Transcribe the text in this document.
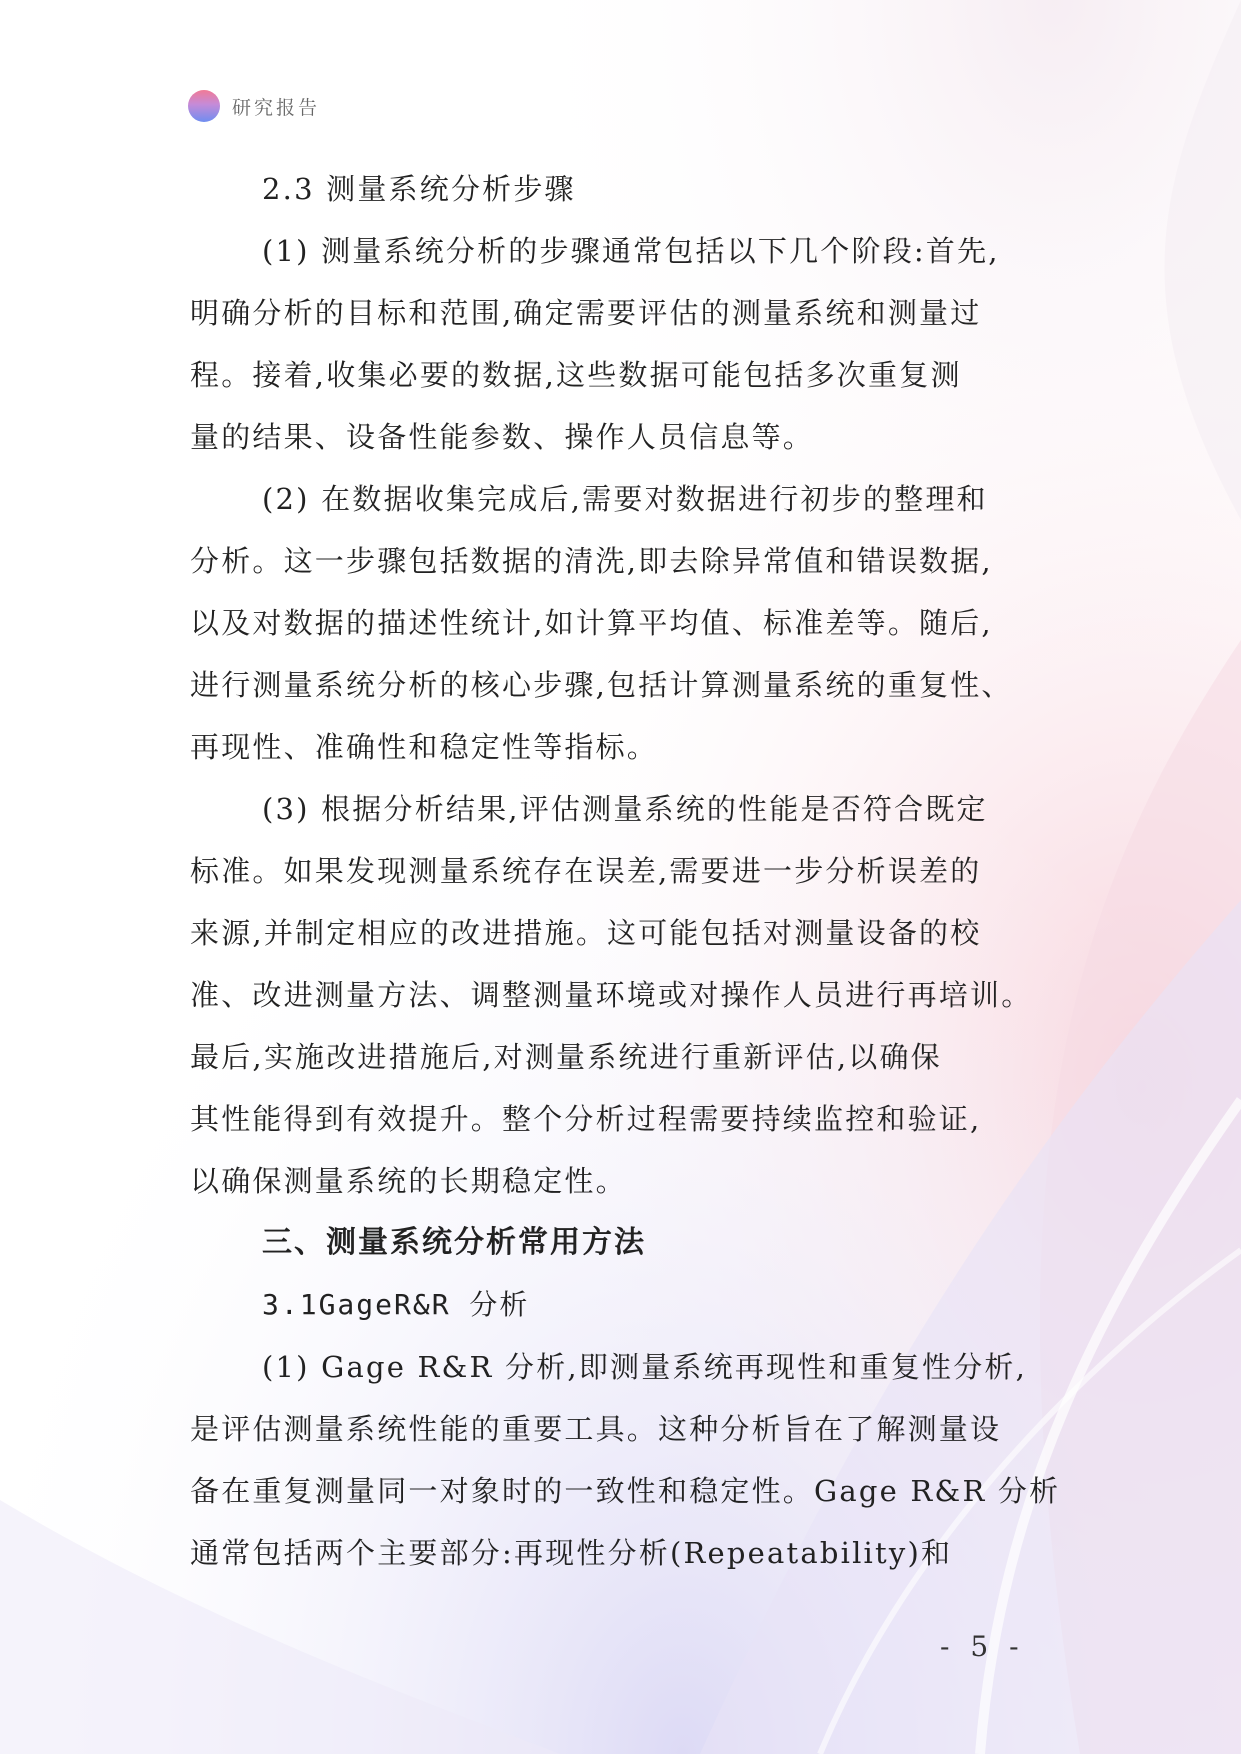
研究报告
2.3 测量系统分析步骤
(1) 测量系统分析的步骤通常包括以下几个阶段:首先,
明确分析的目标和范围,确定需要评估的测量系统和测量过
程。接着,收集必要的数据,这些数据可能包括多次重复测
量的结果、设备性能参数、操作人员信息等。
(2) 在数据收集完成后,需要对数据进行初步的整理和
分析。这一步骤包括数据的清洗,即去除异常值和错误数据,
以及对数据的描述性统计,如计算平均值、标准差等。随后,
进行测量系统分析的核心步骤,包括计算测量系统的重复性、
再现性、准确性和稳定性等指标。
(3) 根据分析结果,评估测量系统的性能是否符合既定
标准。如果发现测量系统存在误差,需要进一步分析误差的
来源,并制定相应的改进措施。这可能包括对测量设备的校
准、改进测量方法、调整测量环境或对操作人员进行再培训。
最后,实施改进措施后,对测量系统进行重新评估,以确保
其性能得到有效提升。整个分析过程需要持续监控和验证,
以确保测量系统的长期稳定性。
三、测量系统分析常用方法
3.1GageR&R 分析
(1) Gage R&R 分析,即测量系统再现性和重复性分析,
是评估测量系统性能的重要工具。这种分析旨在了解测量设
备在重复测量同一对象时的一致性和稳定性。Gage R&R 分析
通常包括两个主要部分:再现性分析(Repeatability)和
- 5 -
